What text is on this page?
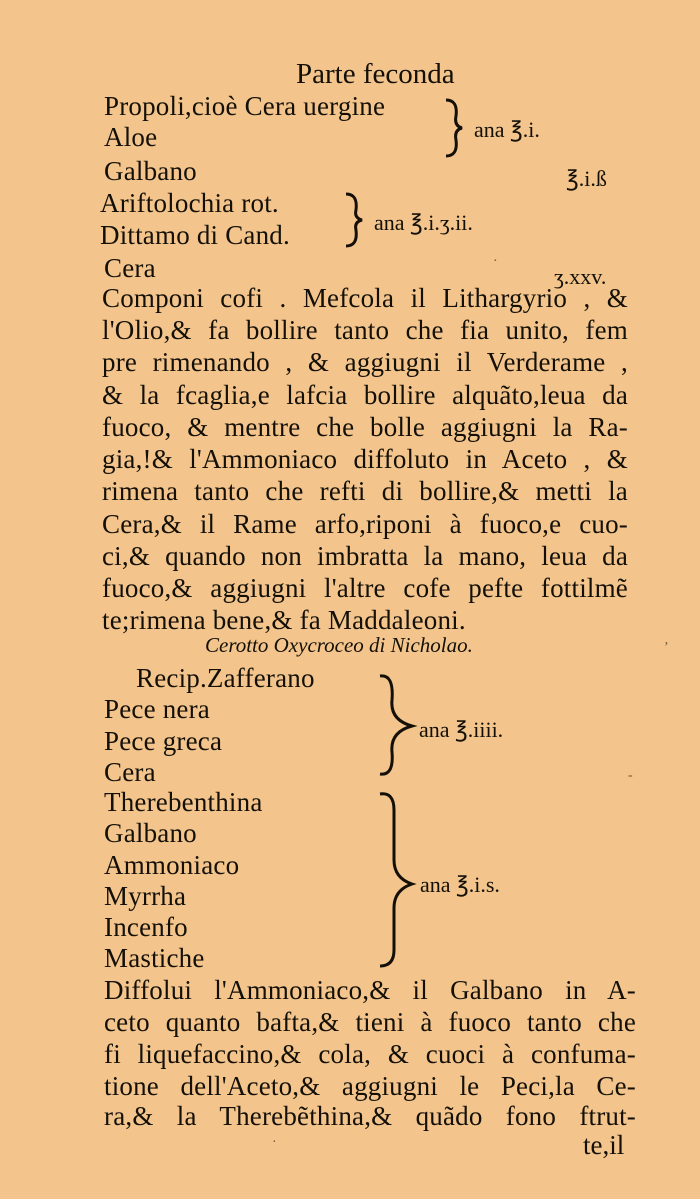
Parte feconda
Propoli,cioè Cera uergine
Aloe
Galbano
Ariftolochia rot.
Dittamo di Cand.
Cera
ana ℥.i.
℥.i.ß
ana ℥.i.ʒ.ii.
ʒ.xxv.
Componi cofi . Mefcola il Lithargyrio , &
l'Olio,& fa bollire tanto che fia unito, fem
pre rimenando , & aggiugni il Verderame ,
& la fcaglia,e lafcia bollire alquãto,leua da
fuoco, & mentre che bolle aggiugni la Ra-
gia,!& l'Ammoniaco diffoluto in Aceto , &
rimena tanto che refti di bollire,& metti la
Cera,& il Rame arfo,riponi à fuoco,e cuo-
ci,& quando non imbratta la mano, leua da
fuoco,& aggiugni l'altre cofe pefte fottilmẽ
te;rimena bene,& fa Maddaleoni.
Cerotto Oxycroceo di Nicholao.
Recip.Zafferano
Pece nera
Pece greca
Cera
ana ℥.iiii.
Therebenthina
Galbano
Ammoniaco
Myrrha
Incenfo
Mastiche
ana ℥.i.s.
Diffolui l'Ammoniaco,& il Galbano in A-
ceto quanto bafta,& tieni à fuoco tanto che
fi liquefaccino,& cola, & cuoci à confuma-
tione dell'Aceto,& aggiugni le Peci,la Ce-
ra,& la Therebẽthina,& quãdo fono ftrut-
te,il
ʼ
-
·
·
